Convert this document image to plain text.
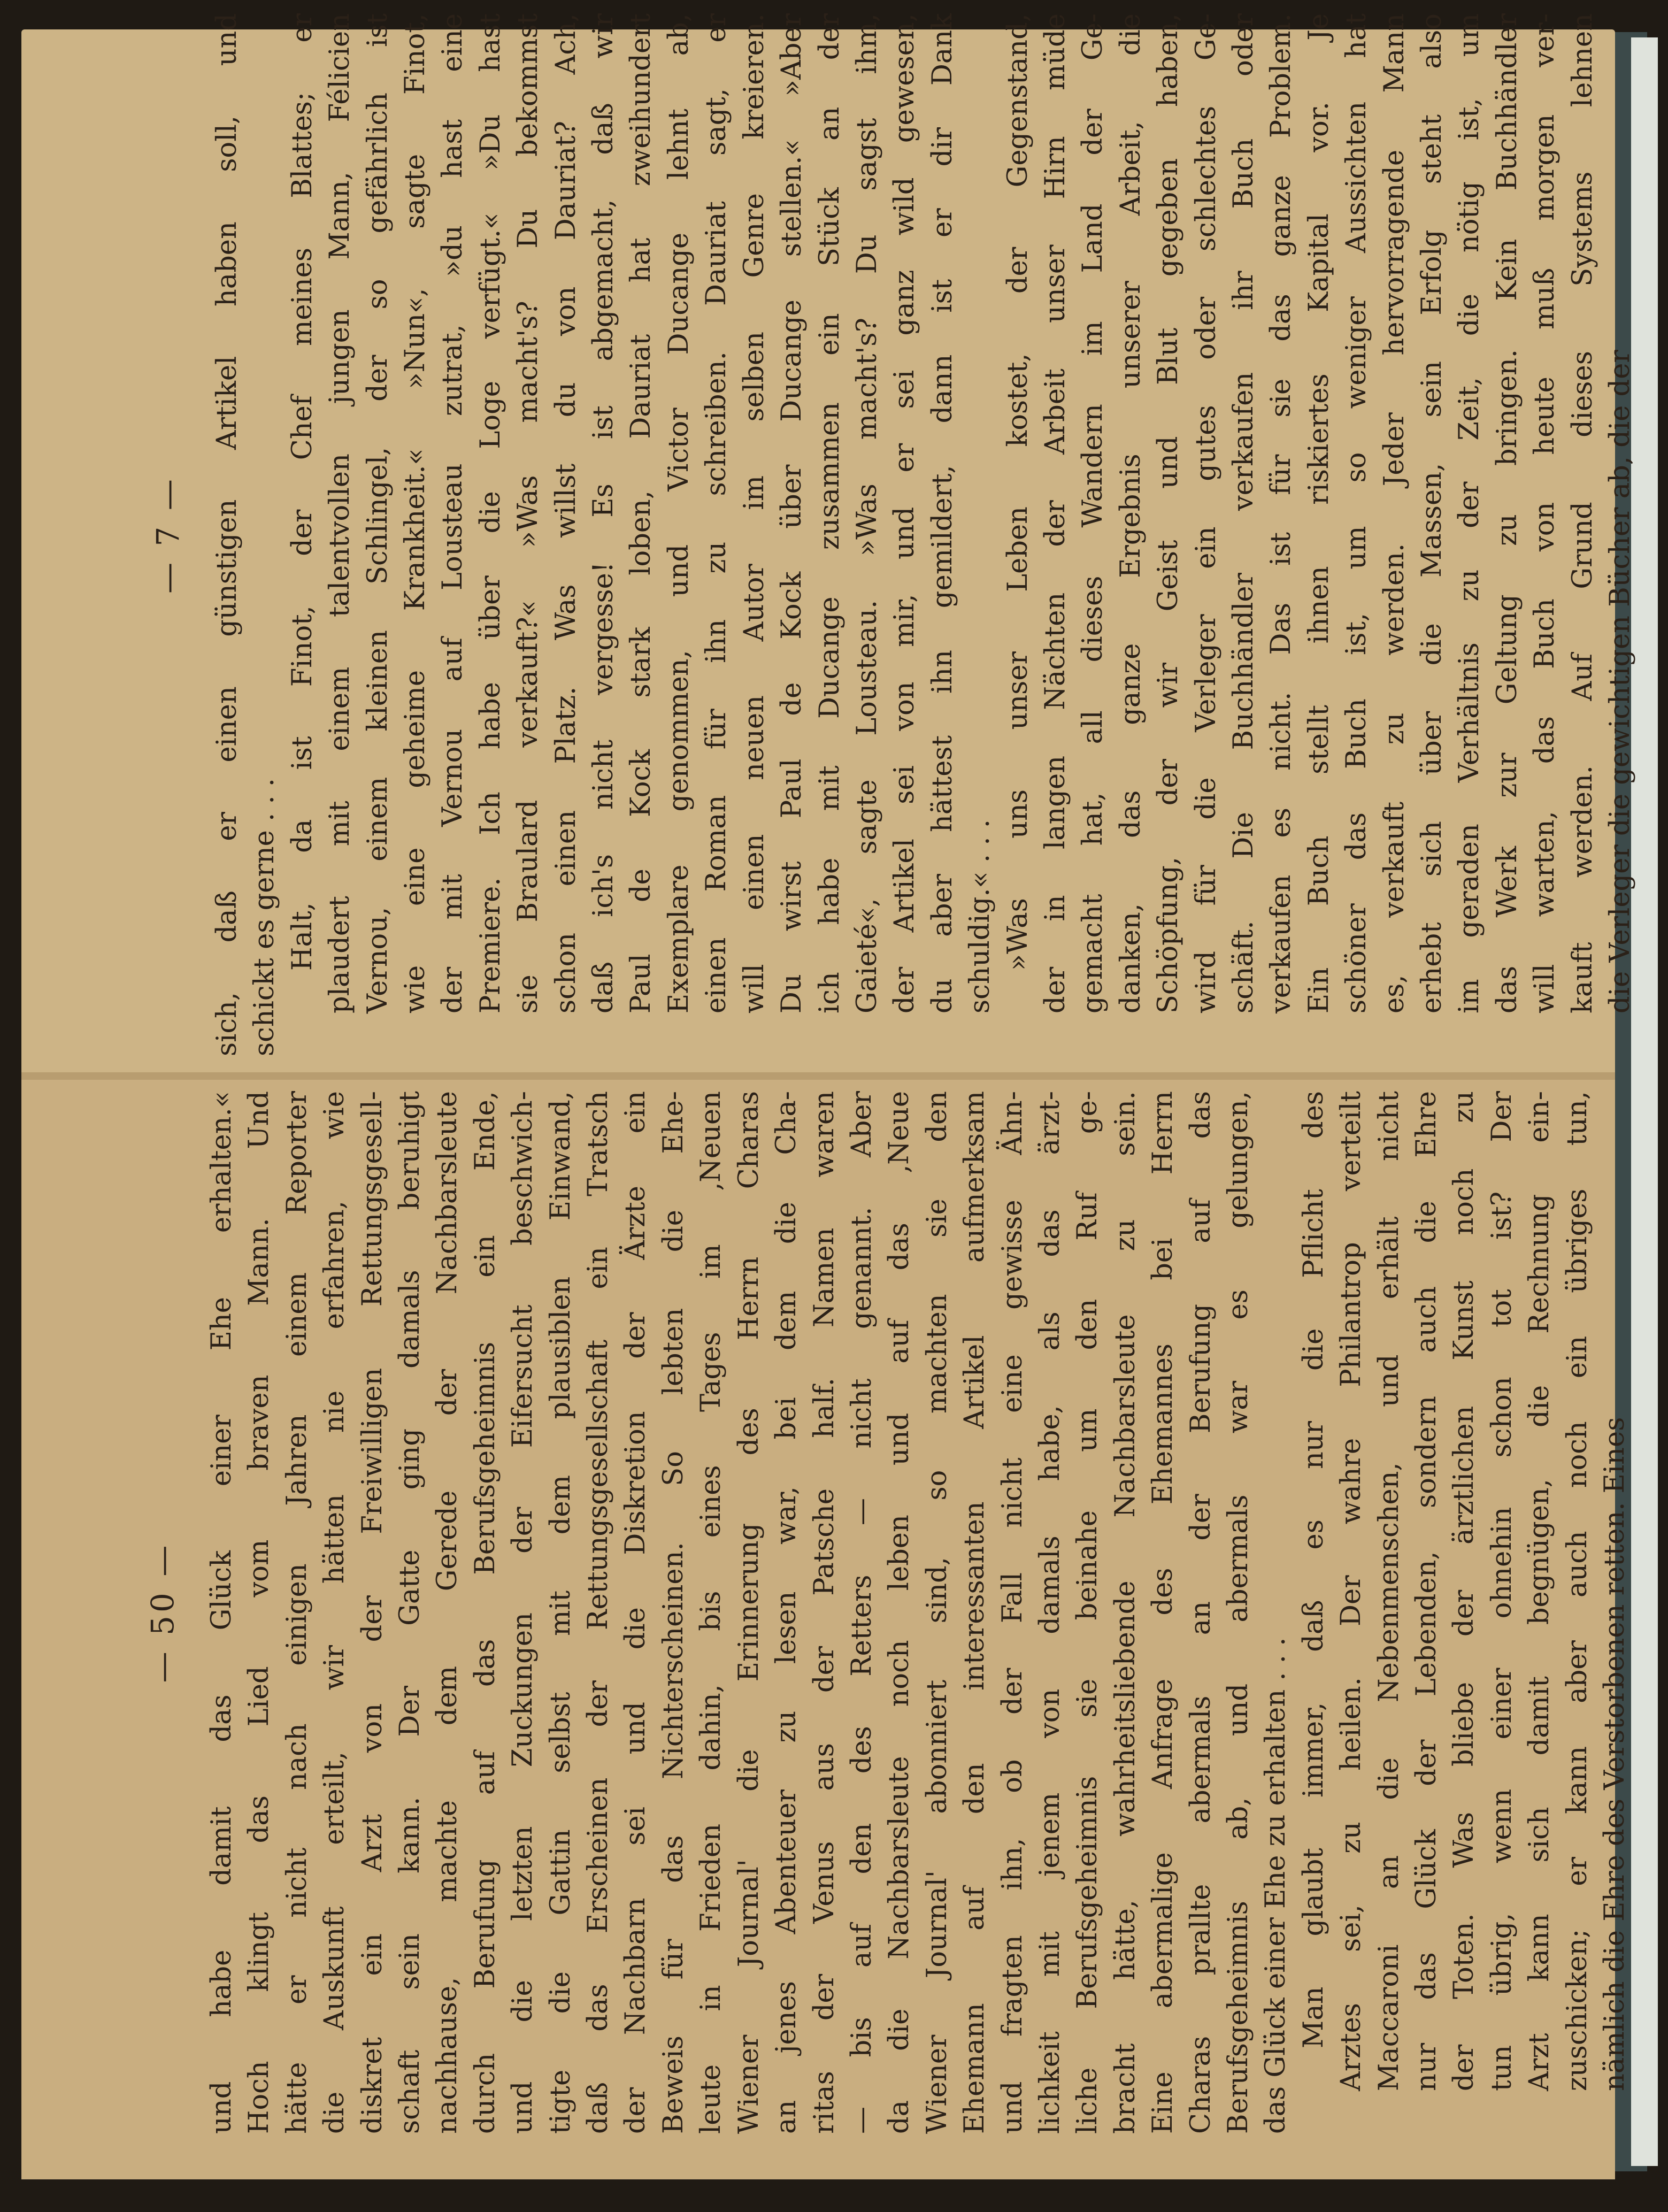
— 7 — sich, daß er einen günstigen Artikel haben soll, und schickt es gerne . . . Halt, da ist Finot, der Chef meines Blattes; er plaudert mit einem talentvollen jungen Mann, Félicien Vernou, einem kleinen Schlingel, der so gefährlich ist wie eine geheime Krankheit.« »Nun«, sagte Finot, der mit Vernou auf Lousteau zutrat, »du hast eine Premiere. Ich habe über die Loge verfügt.« »Du hast sie Braulard verkauft?« »Was macht's? Du bekommst schon einen Platz. Was willst du von Dauriat? Ach, daß ich's nicht vergesse! Es ist abgemacht, daß wir Paul de Kock stark loben, Dauriat hat zweihundert Exemplare genommen, und Victor Ducange lehnt ab, einen Roman für ihn zu schreiben. Dauriat sagt, er will einen neuen Autor im selben Genre kreieren. Du wirst Paul de Kock über Ducange stellen.« »Aber ich habe mit Ducange zusammen ein Stück an der Gaieté«, sagte Lousteau. »Was macht's? Du sagst ihm, der Artikel sei von mir, und er sei ganz wild gewesen, du aber hättest ihn gemildert, dann ist er dir Dank schuldig.« . . . »Was uns unser Leben kostet, der Gegenstand, der in langen Nächten der Arbeit unser Hirn müde gemacht hat, all dieses Wandern im Land der Ge- danken, das ganze Ergebnis unserer Arbeit, die Schöpfung, der wir Geist und Blut gegeben haben, wird für die Verleger ein gutes oder schlechtes Ge- schäft. Die Buchhändler verkaufen ihr Buch oder verkaufen es nicht. Das ist für sie das ganze Problem. Ein Buch stellt ihnen riskiertes Kapital vor. Je schöner das Buch ist, um so weniger Aussichten hat es, verkauft zu werden. Jeder hervorragende Mann erhebt sich über die Massen, sein Erfolg steht also im geraden Verhältnis zu der Zeit, die nötig ist, um das Werk zur Geltung zu bringen. Kein Buchhändler will warten, das Buch von heute muß morgen ver- kauft werden. Auf Grund dieses Systems lehnen die Verleger die gewichtigen Bücher ab, die der
— 50 — und habe damit das Glück einer Ehe erhalten.« Hoch klingt das Lied vom braven Mann. Und hätte er nicht nach einigen Jahren einem Reporter die Auskunft erteilt, wir hätten nie erfahren, wie diskret ein Arzt von der Freiwilligen Rettungsgesell- schaft sein kann. Der Gatte ging damals beruhigt nachhause, machte dem Gerede der Nachbarsleute durch Berufung auf das Berufsgeheimnis ein Ende, und die letzten Zuckungen der Eifersucht beschwich- tigte die Gattin selbst mit dem plausiblen Einwand, daß das Erscheinen der Rettungsgesellschaft ein Tratsch der Nachbarn sei und die Diskretion der Ärzte ein Beweis für das Nichterscheinen. So lebten die Ehe- leute in Frieden dahin, bis eines Tages im ‚Neuen Wiener Journal' die Erinnerung des Herrn Charas an jenes Abenteuer zu lesen war, bei dem die Cha- ritas der Venus aus der Patsche half. Namen waren — bis auf den des Retters — nicht genannt. Aber da die Nachbarsleute noch leben und auf das ‚Neue Wiener Journal' abonniert sind, so machten sie den Ehemann auf den interessanten Artikel aufmerksam und fragten ihn, ob der Fall nicht eine gewisse Ähn- lichkeit mit jenem von damals habe, als das ärzt- liche Berufsgeheimnis sie beinahe um den Ruf ge- bracht hätte, wahrheitsliebende Nachbarsleute zu sein. Eine abermalige Anfrage des Ehemannes bei Herrn Charas prallte abermals an der Berufung auf das Berufsgeheimnis ab, und abermals war es gelungen, das Glück einer Ehe zu erhalten . . . Man glaubt immer, daß es nur die Pflicht des Arztes sei, zu heilen. Der wahre Philantrop verteilt Maccaroni an die Nebenmenschen, und erhält nicht nur das Glück der Lebenden, sondern auch die Ehre der Toten. Was bliebe der ärztlichen Kunst noch zu tun übrig, wenn einer ohnehin schon tot ist? Der Arzt kann sich damit begnügen, die Rechnung ein- zuschicken; er kann aber auch noch ein übriges tun, nämlich die Ehre des Verstorbenen retten. Eines
